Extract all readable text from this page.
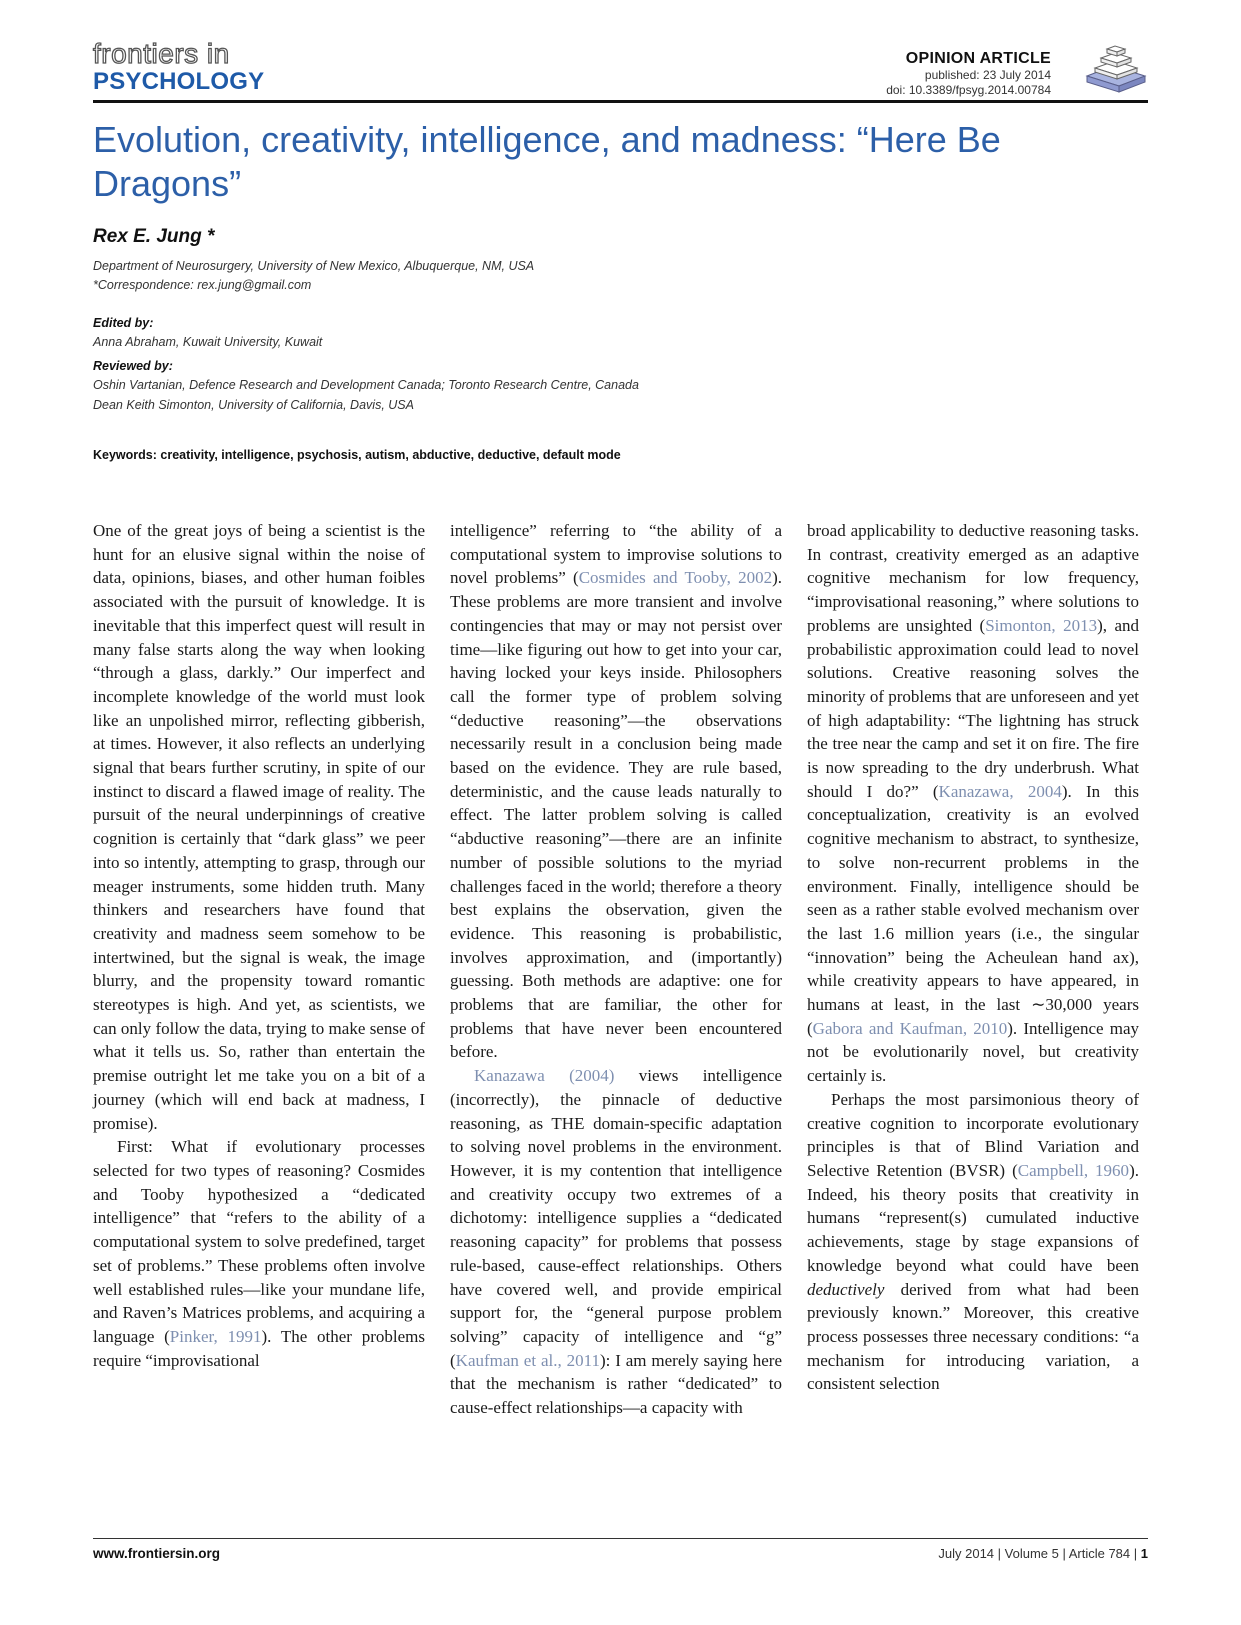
frontiers in
PSYCHOLOGY
OPINION ARTICLE
published: 23 July 2014
doi: 10.3389/fpsyg.2014.00784
Evolution, creativity, intelligence, and madness: “Here Be Dragons”
Rex E. Jung *
Department of Neurosurgery, University of New Mexico, Albuquerque, NM, USA
*Correspondence: rex.jung@gmail.com
Edited by:
Anna Abraham, Kuwait University, Kuwait
Reviewed by:
Oshin Vartanian, Defence Research and Development Canada; Toronto Research Centre, Canada
Dean Keith Simonton, University of California, Davis, USA
Keywords: creativity, intelligence, psychosis, autism, abductive, deductive, default mode

One of the great joys of being a scientist is the hunt for an elusive signal within the noise of data, opinions, biases, and other human foibles associated with the pursuit of knowledge. It is inevitable that this imperfect quest will result in many false starts along the way when looking “through a glass, darkly.” Our imperfect and incomplete knowledge of the world must look like an unpolished mirror, reflecting gibberish, at times. However, it also reflects an underlying signal that bears further scrutiny, in spite of our instinct to discard a flawed image of reality. The pursuit of the neural underpinnings of creative cognition is certainly that “dark glass” we peer into so intently, attempting to grasp, through our meager instruments, some hidden truth. Many thinkers and researchers have found that creativity and madness seem somehow to be intertwined, but the signal is weak, the image blurry, and the propensity toward romantic stereotypes is high. And yet, as scientists, we can only follow the data, trying to make sense of what it tells us. So, rather than entertain the premise outright let me take you on a bit of a journey (which will end back at madness, I promise).

First: What if evolutionary processes selected for two types of reasoning? Cosmides and Tooby hypothesized a “dedicated intelligence” that “refers to the ability of a computational system to solve predefined, target set of problems.” These problems often involve well established rules—like your mundane life, and Raven’s Matrices problems, and acquiring a language (Pinker, 1991). The other problems require “improvisational

intelligence” referring to “the ability of a computational system to improvise solutions to novel problems” (Cosmides and Tooby, 2002). These problems are more transient and involve contingencies that may or may not persist over time—like figuring out how to get into your car, having locked your keys inside. Philosophers call the former type of problem solving “deductive reasoning”—the observations necessarily result in a conclusion being made based on the evidence. They are rule based, deterministic, and the cause leads naturally to effect. The latter problem solving is called “abductive reasoning”—there are an infinite number of possible solutions to the myriad challenges faced in the world; therefore a theory best explains the observation, given the evidence. This reasoning is probabilistic, involves approximation, and (importantly) guessing. Both methods are adaptive: one for problems that are familiar, the other for problems that have never been encountered before.

Kanazawa (2004) views intelligence (incorrectly), the pinnacle of deductive reasoning, as THE domain-specific adaptation to solving novel problems in the environment. However, it is my contention that intelligence and creativity occupy two extremes of a dichotomy: intelligence supplies a “dedicated reasoning capacity” for problems that possess rule-based, cause-effect relationships. Others have covered well, and provide empirical support for, the “general purpose problem solving” capacity of intelligence and “g” (Kaufman et al., 2011): I am merely saying here that the mechanism is rather “dedicated” to cause-effect relationships—a capacity with

broad applicability to deductive reasoning tasks. In contrast, creativity emerged as an adaptive cognitive mechanism for low frequency, “improvisational reasoning,” where solutions to problems are unsighted (Simonton, 2013), and probabilistic approximation could lead to novel solutions. Creative reasoning solves the minority of problems that are unforeseen and yet of high adaptability: “The lightning has struck the tree near the camp and set it on fire. The fire is now spreading to the dry underbrush. What should I do?” (Kanazawa, 2004). In this conceptualization, creativity is an evolved cognitive mechanism to abstract, to synthesize, to solve non-recurrent problems in the environment. Finally, intelligence should be seen as a rather stable evolved mechanism over the last 1.6 million years (i.e., the singular “innovation” being the Acheulean hand ax), while creativity appears to have appeared, in humans at least, in the last ∼30,000 years (Gabora and Kaufman, 2010). Intelligence may not be evolutionarily novel, but creativity certainly is.

Perhaps the most parsimonious theory of creative cognition to incorporate evolutionary principles is that of Blind Variation and Selective Retention (BVSR) (Campbell, 1960). Indeed, his theory posits that creativity in humans “represent(s) cumulated inductive achievements, stage by stage expansions of knowledge beyond what could have been deductively derived from what had been previously known.” Moreover, this creative process possesses three necessary conditions: “a mechanism for introducing variation, a consistent selection

www.frontiersin.org	July 2014 | Volume 5 | Article 784 | 1
